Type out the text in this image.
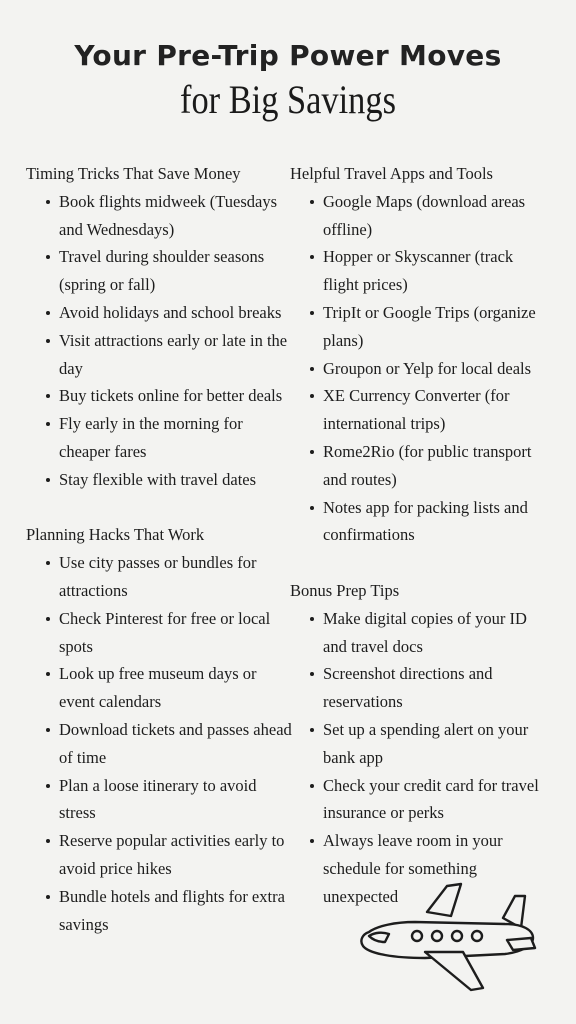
Your Pre-Trip Power Moves
for Big Savings
Timing Tricks That Save Money
Book flights midweek (Tuesdays and Wednesdays)
Travel during shoulder seasons (spring or fall)
Avoid holidays and school breaks
Visit attractions early or late in the day
Buy tickets online for better deals
Fly early in the morning for cheaper fares
Stay flexible with travel dates
Planning Hacks That Work
Use city passes or bundles for attractions
Check Pinterest for free or local spots
Look up free museum days or event calendars
Download tickets and passes ahead of time
Plan a loose itinerary to avoid stress
Reserve popular activities early to avoid price hikes
Bundle hotels and flights for extra savings
Helpful Travel Apps and Tools
Google Maps (download areas offline)
Hopper or Skyscanner (track flight prices)
TripIt or Google Trips (organize plans)
Groupon or Yelp for local deals
XE Currency Converter (for international trips)
Rome2Rio (for public transport and routes)
Notes app for packing lists and confirmations
Bonus Prep Tips
Make digital copies of your ID and travel docs
Screenshot directions and reservations
Set up a spending alert on your bank app
Check your credit card for travel insurance or perks
Always leave room in your schedule for something unexpected
